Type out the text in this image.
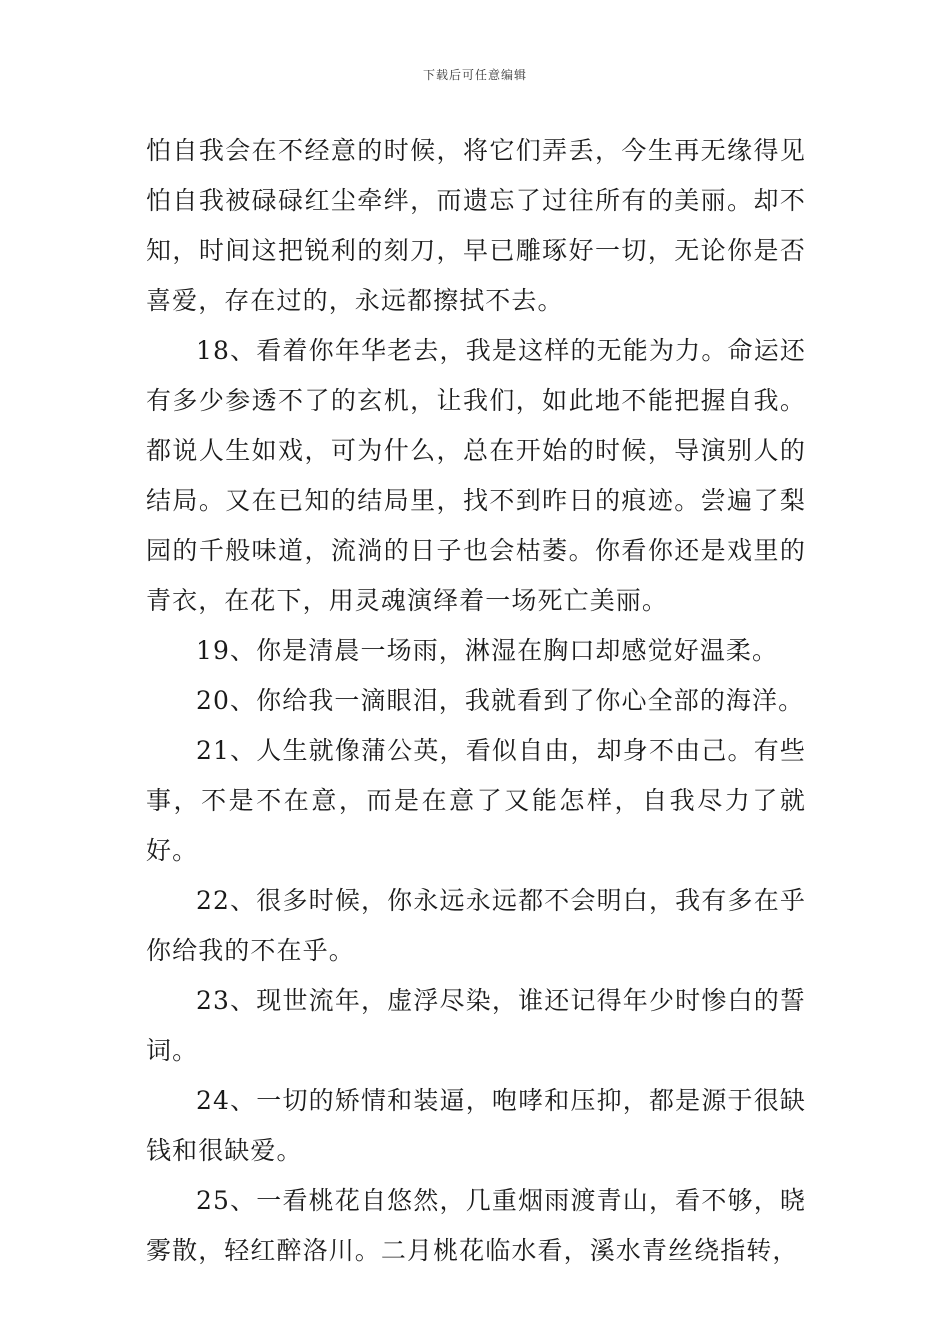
下载后可任意编辑

怕自我会在不经意的时候，将它们弄丢，今生再无缘得见怕自我被碌碌红尘牵绊，而遗忘了过往所有的美丽。却不知，时间这把锐利的刻刀，早已雕琢好一切，无论你是否喜爱，存在过的，永远都擦拭不去。

18、看着你年华老去，我是这样的无能为力。命运还有多少参透不了的玄机，让我们，如此地不能把握自我。都说人生如戏，可为什么，总在开始的时候，导演别人的结局。又在已知的结局里，找不到昨日的痕迹。尝遍了梨园的千般味道，流淌的日子也会枯萎。你看你还是戏里的青衣，在花下，用灵魂演绎着一场死亡美丽。

19、你是清晨一场雨，淋湿在胸口却感觉好温柔。

20、你给我一滴眼泪，我就看到了你心全部的海洋。

21、人生就像蒲公英，看似自由，却身不由己。有些事，不是不在意，而是在意了又能怎样，自我尽力了就好。

22、很多时候，你永远永远都不会明白，我有多在乎你给我的不在乎。

23、现世流年，虚浮尽染，谁还记得年少时惨白的誓词。

24、一切的矫情和装逼，咆哮和压抑，都是源于很缺钱和很缺爱。

25、一看桃花自悠然，几重烟雨渡青山，看不够，晓雾散，轻红醉洛川。二月桃花临水看，溪水青丝绕指转，
